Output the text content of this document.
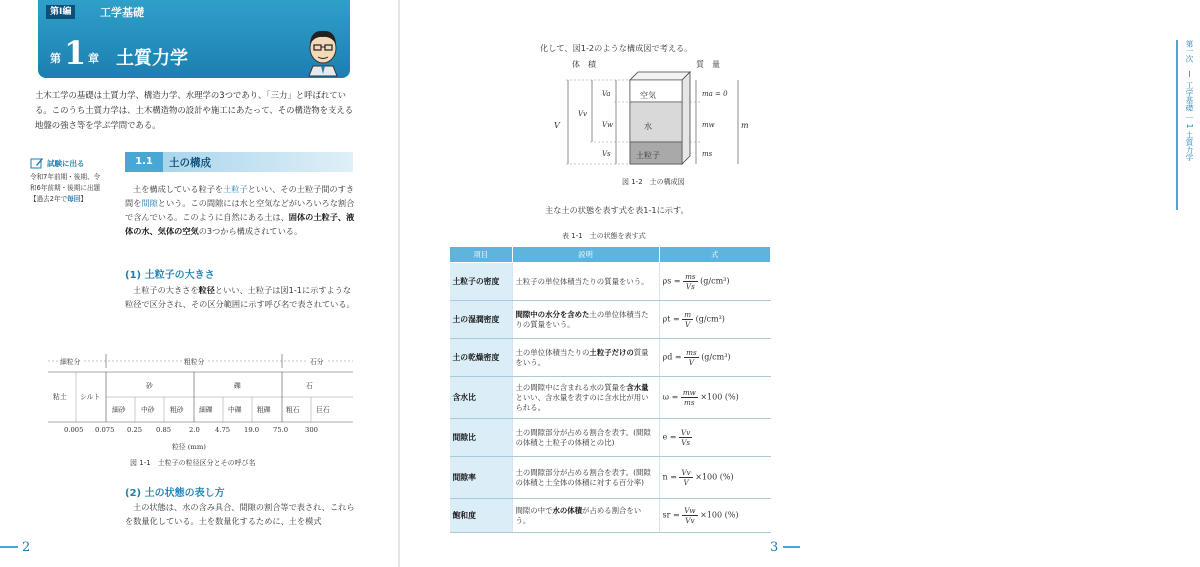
第Ⅰ編	工学基礎
第 1 章 土質力学
土木工学の基礎は土質力学、構造力学、水理学の3つであり、「三力」と呼ばれている。このうち土質力学は、土木構造物の設計や施工にあたって、その構造物を支える地盤の強さ等を学ぶ学問である。
試験に出る
令和7年前期・後期、令和6年前期・後期に出題
【過去2年で毎回】
1.1	土の構成
土を構成している粒子を土粒子といい、その土粒子間のすき間を間隙という。この間隙には水と空気などがいろいろな割合で含んでいる。このように自然にある土は、固体の土粒子、液体の水、気体の空気の3つから構成されている。
(1) 土粒子の大きさ
土粒子の大きさを粒径といい、土粒子は図1-1に示すような粒径で区分され、その区分範囲に示す呼び名で表されている。
細粒分	粗粒分	石分
粘土 シルト
砂	礫	石
細砂 中砂 粗砂 細礫 中礫 粗礫 粗石 巨石
0.005 0.075 0.25 0.85	2.0 4.75 19.0 75.0 300
粒径 (mm)
図 1-1　土粒子の粒径区分とその呼び名
(2) 土の状態の表し方
土の状態は、水の含み具合、間隙の割合等で表され、これらを数量化している。土を数量化するために、土を模式
2
化して、図1-2のような構成図で考える。
体　積	質　量
空気
水
土粒子
V
Vv
Va
Vw
Vs
ma = 0
mw	m
ms
図 1-2　土の構成図
主な土の状態を表す式を表1-1に示す。
表 1-1　土の状態を表す式
第一次　Ⅰ 工学基礎 ｜ 1 土質力学
3
項目	説明	式
土粒子の密度	土粒子の単位体積当たりの質量をいう。	$\rho s = \frac{ms}{Vs} (g/cm^3)$
土の湿潤密度	間隙中の水分を含めた土の単位体積当たりの質量をいう。	$\rho t = \frac{m}{V} (g/cm^3)$
土の乾燥密度	土の単位体積当たりの土粒子だけの質量をいう。	$\rho d = \frac{ms}{V} (g/cm^3)$
含水比	土の間隙中に含まれる水の質量を含水量といい、含水量を表すのに含水比が用いられる。	$\omega = \frac{mw}{ms} \times 100$ (%)
間隙比	土の間隙部分が占める割合を表す。(間隙の体積と土粒子の体積との比)	$e = \frac{Vv}{Vs}$

間隙率	土の間隙部分が占める割合を表す。(間隙の体積と土全体の体積に対する百分率)	$n = \frac{Vv}{V} \times 100$ (%)
飽和度	間隙の中で水の体積が占める割合をいう。	sr = $\frac{Vw}{Vv} \times 100$ (%)
